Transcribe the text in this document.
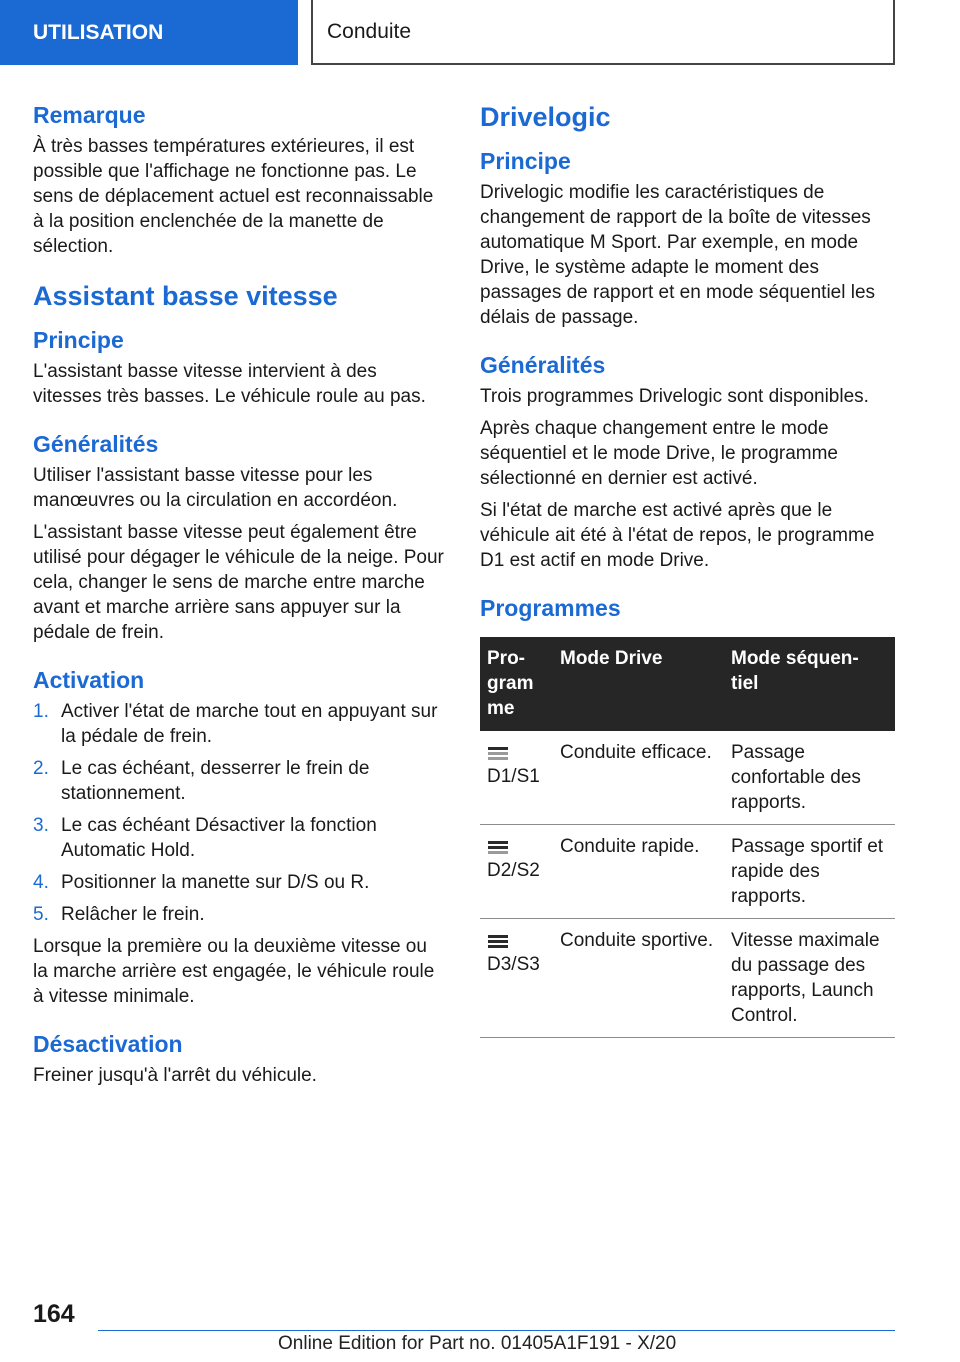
UTILISATION	Conduite
Remarque

À très basses températures extérieures, il est possible que l'affichage ne fonctionne pas. Le sens de déplacement actuel est reconnaissable à la position enclenchée de la manette de sélection.

Assistant basse vitesse
Principe

L'assistant basse vitesse intervient à des vitesses très basses. Le véhicule roule au pas.

Généralités

Utiliser l'assistant basse vitesse pour les manœuvres ou la circulation en accordéon.

L'assistant basse vitesse peut également être utilisé pour dégager le véhicule de la neige. Pour cela, changer le sens de marche entre marche avant et marche arrière sans appuyer sur la pédale de frein.

Activation
1. Activer l'état de marche tout en appuyant sur la pédale de frein.
2. Le cas échéant, desserrer le frein de stationnement.
3. Le cas échéant Désactiver la fonction Automatic Hold.
4. Positionner la manette sur D/S ou R.
5. Relâcher le frein.

Lorsque la première ou la deuxième vitesse ou la marche arrière est engagée, le véhicule roule à vitesse minimale.

Désactivation

Freiner jusqu'à l'arrêt du véhicule.

Drivelogic
Principe

Drivelogic modifie les caractéristiques de changement de rapport de la boîte de vitesses automatique M Sport. Par exemple, en mode Drive, le système adapte le moment des passages de rapport et en mode séquentiel les délais de passage.

Généralités

Trois programmes Drivelogic sont disponibles.

Après chaque changement entre le mode séquentiel et le mode Drive, le programme sélectionné en dernier est activé.

Si l'état de marche est activé après que le véhicule ait été à l'état de repos, le programme D1 est actif en mode Drive.

Programmes
Pro-
gram
me	Mode Drive	Mode séquen-
tiel

D1/S1	Conduite efficace.	Passage confortable des rapports.

D2/S2	Conduite rapide.	Passage sportif et rapide des rapports.

D3/S3	Conduite sportive.	Vitesse maximale du passage des rapports, Launch Control.
164
Online Edition for Part no. 01405A1F191 - X/20
